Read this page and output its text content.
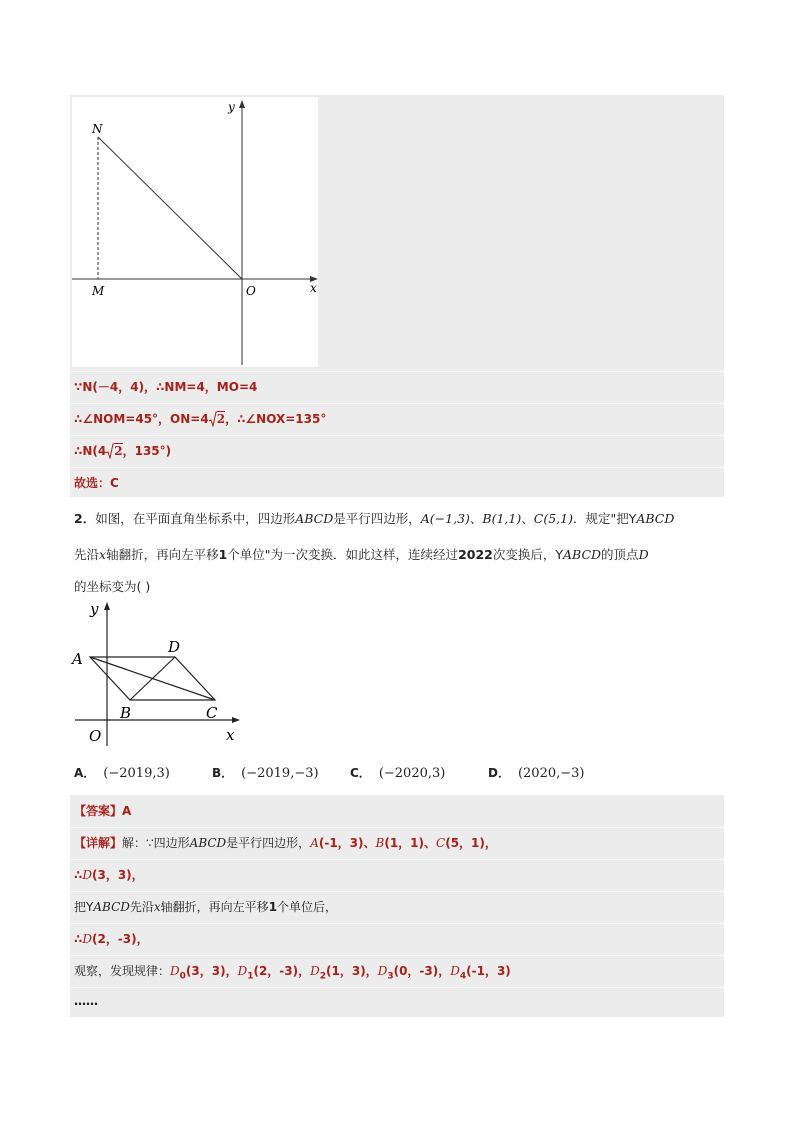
y
x
N
M	O
∵N(－4，4)，∴NM=4，MO=4
∴∠NOM=45°，ON=4 2，∴∠NOX=135°
∴N(4 2，135°)
故选：C
2．如图，在平面直角坐标系中，四边形ABCD是平行四边形，A(−1,3)、B(1,1)、C(5,1)．规定"把YABCD
先沿x轴翻折，再向左平移1个单位"为一次变换．如此这样，连续经过2022次变换后，YABCD的顶点D
的坐标变为( )
y
x
O
A
B	C
D
A． (−2019,3)	B． (−2019,−3)	C． (−2020,3)	D． (2020,−3)
【答案】A
【详解】解：∵四边形ABCD是平行四边形，A(-1，3)、B(1，1)、C(5，1)，
∴D(3，3)，
把YABCD先沿x轴翻折，再向左平移1个单位后，
∴D(2，-3)，
观察，发现规律：$D_0(3$，3)，$D_1(2$，-3)，$D_2(1$，3)，$D_3(0$，-3)，$D_4(-1$，3)
……
